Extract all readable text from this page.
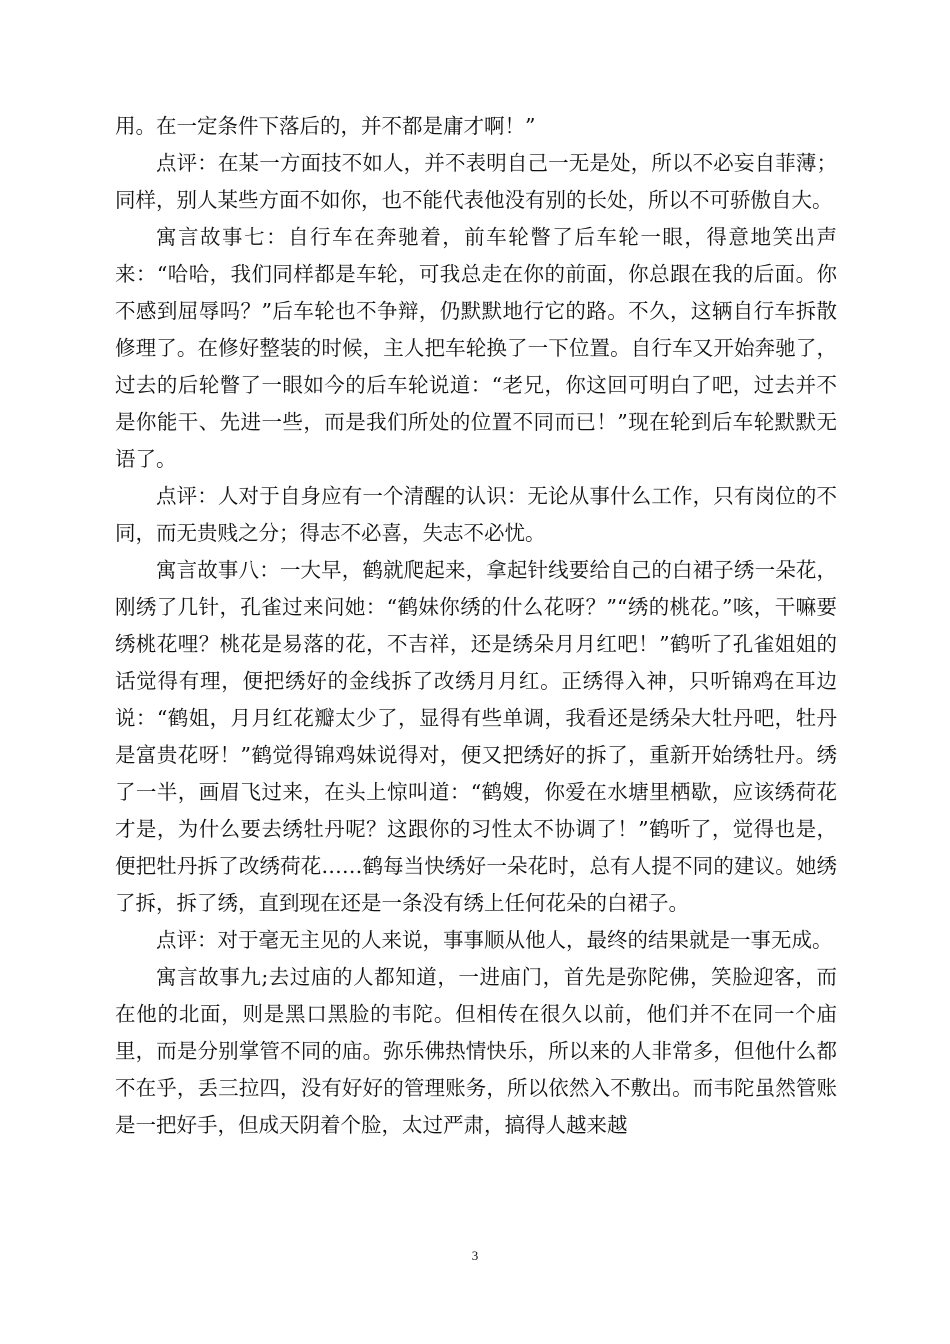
用。在一定条件下落后的，并不都是庸才啊！”

点评：在某一方面技不如人，并不表明自己一无是处，所以不必妄自菲薄；同样，别人某些方面不如你，也不能代表他没有别的长处，所以不可骄傲自大。

寓言故事七：自行车在奔驰着，前车轮瞥了后车轮一眼，得意地笑出声来：“哈哈，我们同样都是车轮，可我总走在你的前面，你总跟在我的后面。你不感到屈辱吗？”后车轮也不争辩，仍默默地行它的路。不久，这辆自行车拆散修理了。在修好整装的时候，主人把车轮换了一下位置。自行车又开始奔驰了，过去的后轮瞥了一眼如今的后车轮说道：“老兄，你这回可明白了吧，过去并不是你能干、先进一些，而是我们所处的位置不同而已！”现在轮到后车轮默默无语了。

点评：人对于自身应有一个清醒的认识：无论从事什么工作，只有岗位的不同，而无贵贱之分；得志不必喜，失志不必忧。

寓言故事八：一大早，鹤就爬起来，拿起针线要给自己的白裙子绣一朵花，刚绣了几针，孔雀过来问她：“鹤妹你绣的什么花呀？”“绣的桃花。”咳，干嘛要绣桃花哩？桃花是易落的花，不吉祥，还是绣朵月月红吧！”鹤听了孔雀姐姐的话觉得有理，便把绣好的金线拆了改绣月月红。正绣得入神，只听锦鸡在耳边说：“鹤姐，月月红花瓣太少了，显得有些单调，我看还是绣朵大牡丹吧，牡丹是富贵花呀！”鹤觉得锦鸡妹说得对，便又把绣好的拆了，重新开始绣牡丹。绣了一半，画眉飞过来，在头上惊叫道：“鹤嫂，你爱在水塘里栖歇，应该绣荷花才是，为什么要去绣牡丹呢？这跟你的习性太不协调了！”鹤听了，觉得也是，便把牡丹拆了改绣荷花……鹤每当快绣好一朵花时，总有人提不同的建议。她绣了拆，拆了绣，直到现在还是一条没有绣上任何花朵的白裙子。

点评：对于毫无主见的人来说，事事顺从他人，最终的结果就是一事无成。

寓言故事九;去过庙的人都知道，一进庙门，首先是弥陀佛，笑脸迎客，而在他的北面，则是黑口黑脸的韦陀。但相传在很久以前，他们并不在同一个庙里，而是分别掌管不同的庙。弥乐佛热情快乐，所以来的人非常多，但他什么都不在乎，丢三拉四，没有好好的管理账务，所以依然入不敷出。而韦陀虽然管账是一把好手，但成天阴着个脸，太过严肃，搞得人越来越

3
